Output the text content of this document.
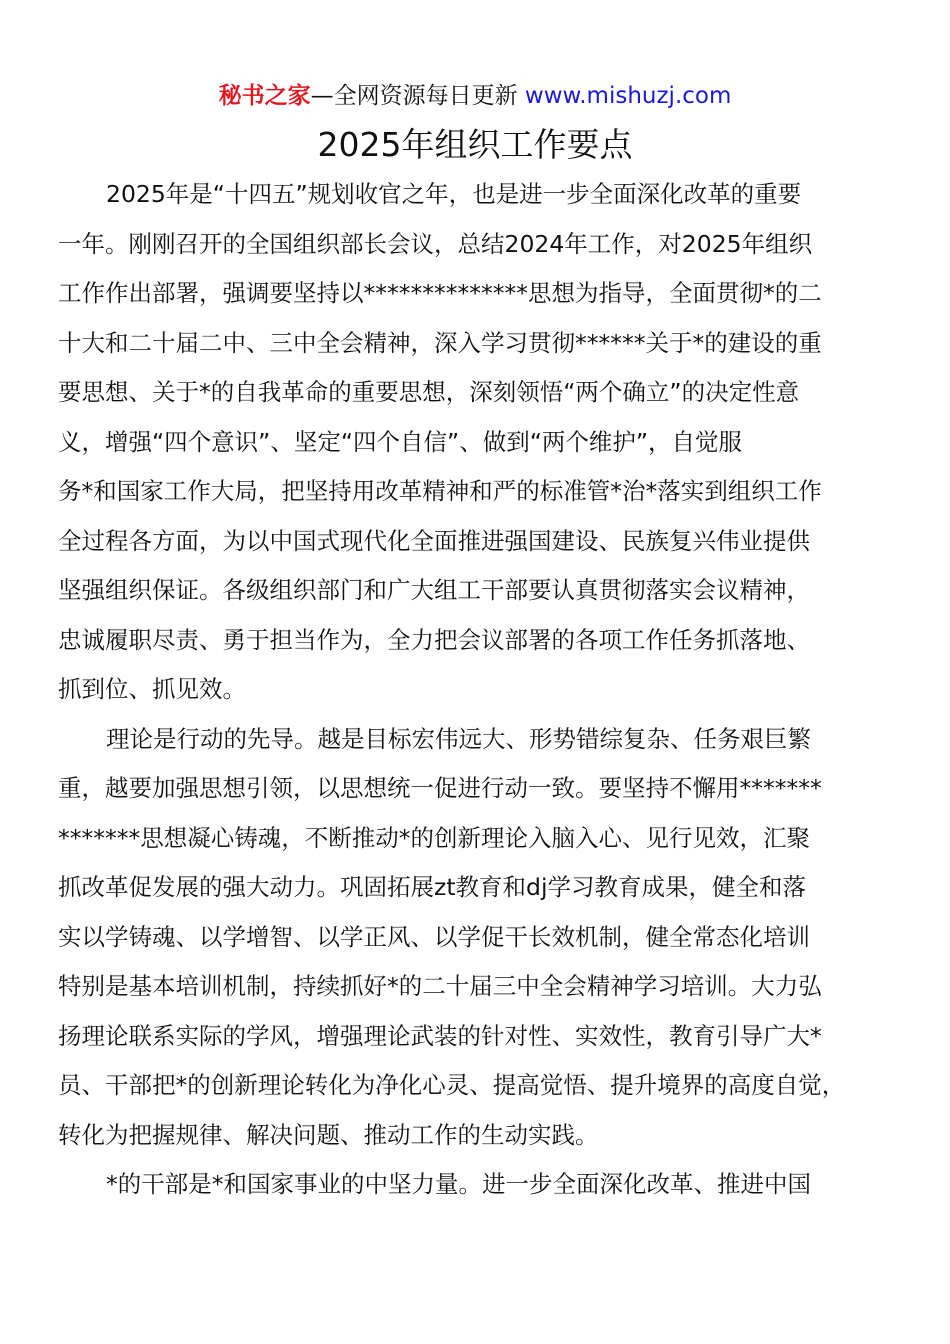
秘书之家—全网资源每日更新 www.mishuzj.com
2025年组织工作要点
2025年是“十四五”规划收官之年，也是进一步全面深化改革的重要
一年。刚刚召开的全国组织部长会议，总结2024年工作，对2025年组织
工作作出部署，强调要坚持以**************思想为指导，全面贯彻*的二
十大和二十届二中、三中全会精神，深入学习贯彻******关于*的建设的重
要思想、关于*的自我革命的重要思想，深刻领悟“两个确立”的决定性意
义，增强“四个意识”、坚定“四个自信”、做到“两个维护”，自觉服
务*和国家工作大局，把坚持用改革精神和严的标准管*治*落实到组织工作
全过程各方面，为以中国式现代化全面推进强国建设、民族复兴伟业提供
坚强组织保证。各级组织部门和广大组工干部要认真贯彻落实会议精神，
忠诚履职尽责、勇于担当作为，全力把会议部署的各项工作任务抓落地、
抓到位、抓见效。
理论是行动的先导。越是目标宏伟远大、形势错综复杂、任务艰巨繁
重，越要加强思想引领，以思想统一促进行动一致。要坚持不懈用*******
*******思想凝心铸魂，不断推动*的创新理论入脑入心、见行见效，汇聚
抓改革促发展的强大动力。巩固拓展zt教育和dj学习教育成果，健全和落
实以学铸魂、以学增智、以学正风、以学促干长效机制，健全常态化培训
特别是基本培训机制，持续抓好*的二十届三中全会精神学习培训。大力弘
扬理论联系实际的学风，增强理论武装的针对性、实效性，教育引导广大*
员、干部把*的创新理论转化为净化心灵、提高觉悟、提升境界的高度自觉，
转化为把握规律、解决问题、推动工作的生动实践。
*的干部是*和国家事业的中坚力量。进一步全面深化改革、推进中国
